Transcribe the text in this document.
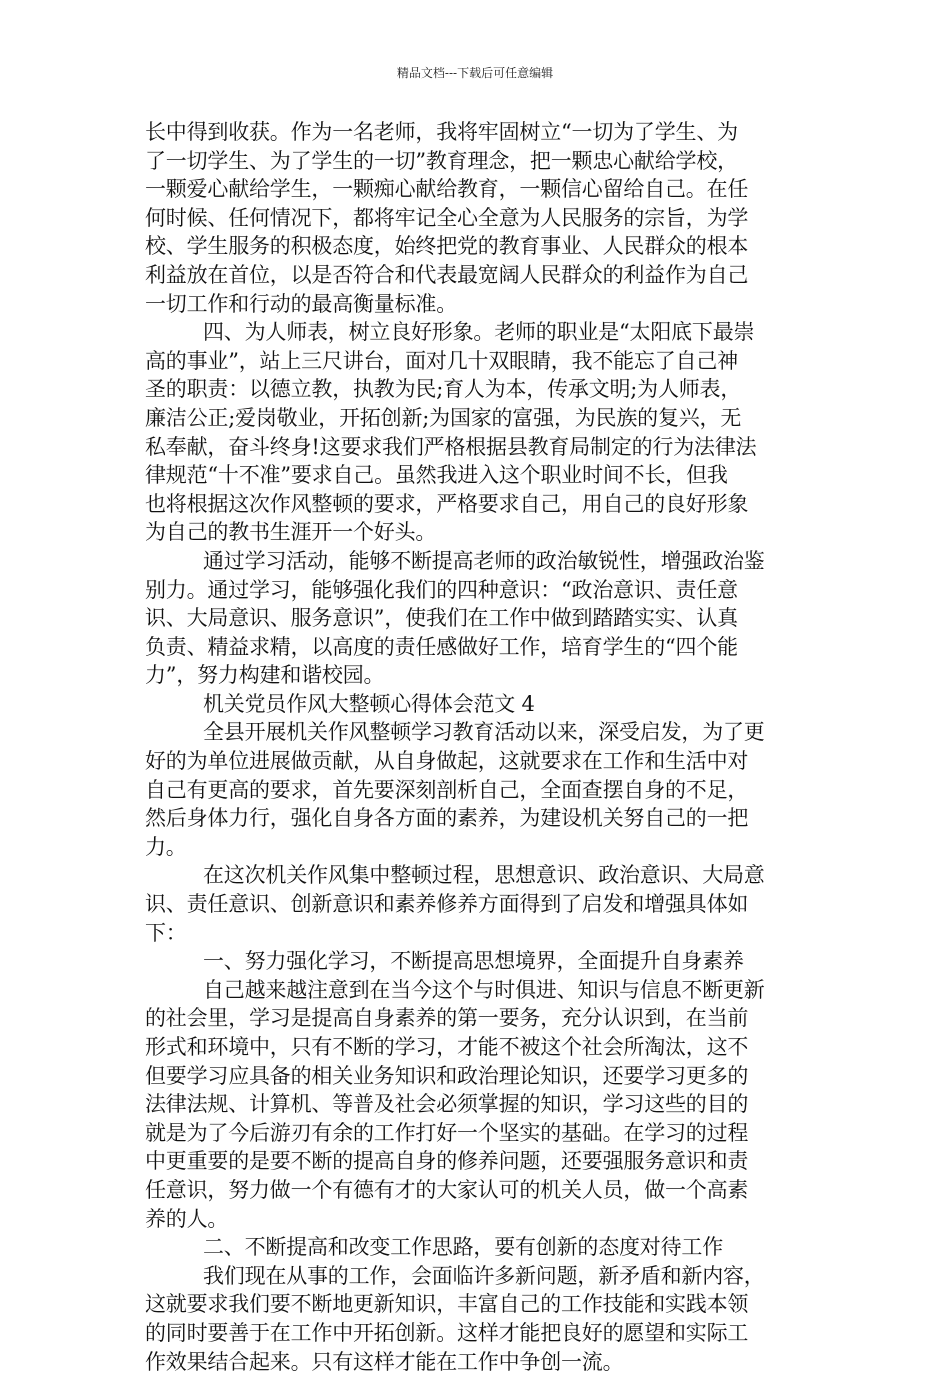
精品文档---下载后可任意编辑
长中得到收获。作为一名老师，我将牢固树立“一切为了学生、为
了一切学生、为了学生的一切”教育理念，把一颗忠心献给学校，
一颗爱心献给学生，一颗痴心献给教育，一颗信心留给自己。在任
何时候、任何情况下，都将牢记全心全意为人民服务的宗旨，为学
校、学生服务的积极态度，始终把党的教育事业、人民群众的根本
利益放在首位，以是否符合和代表最宽阔人民群众的利益作为自己
一切工作和行动的最高衡量标准。
四、为人师表，树立良好形象。老师的职业是“太阳底下最崇
高的事业”，站上三尺讲台，面对几十双眼睛，我不能忘了自己神
圣的职责：以德立教，执教为民;育人为本，传承文明;为人师表，
廉洁公正;爱岗敬业，开拓创新;为国家的富强，为民族的复兴，无
私奉献，奋斗终身!这要求我们严格根据县教育局制定的行为法律法
律规范“十不准”要求自己。虽然我进入这个职业时间不长，但我
也将根据这次作风整顿的要求，严格要求自己，用自己的良好形象
为自己的教书生涯开一个好头。
通过学习活动，能够不断提高老师的政治敏锐性，增强政治鉴
别力。通过学习，能够强化我们的四种意识：“政治意识、责任意
识、大局意识、服务意识”，使我们在工作中做到踏踏实实、认真
负责、精益求精，以高度的责任感做好工作，培育学生的“四个能
力”，努力构建和谐校园。
机关党员作风大整顿心得体会范文 4
全县开展机关作风整顿学习教育活动以来，深受启发，为了更
好的为单位进展做贡献，从自身做起，这就要求在工作和生活中对
自己有更高的要求，首先要深刻剖析自己，全面查摆自身的不足，
然后身体力行，强化自身各方面的素养，为建设机关努自己的一把
力。
在这次机关作风集中整顿过程，思想意识、政治意识、大局意
识、责任意识、创新意识和素养修养方面得到了启发和增强具体如
下：
一、努力强化学习，不断提高思想境界，全面提升自身素养
自己越来越注意到在当今这个与时俱进、知识与信息不断更新
的社会里，学习是提高自身素养的第一要务，充分认识到，在当前
形式和环境中，只有不断的学习，才能不被这个社会所淘汰，这不
但要学习应具备的相关业务知识和政治理论知识，还要学习更多的
法律法规、计算机、等普及社会必须掌握的知识，学习这些的目的
就是为了今后游刃有余的工作打好一个坚实的基础。在学习的过程
中更重要的是要不断的提高自身的修养问题，还要强服务意识和责
任意识，努力做一个有德有才的大家认可的机关人员，做一个高素
养的人。
二、不断提高和改变工作思路，要有创新的态度对待工作
我们现在从事的工作，会面临许多新问题，新矛盾和新内容，
这就要求我们要不断地更新知识，丰富自己的工作技能和实践本领
的同时要善于在工作中开拓创新。这样才能把良好的愿望和实际工
作效果结合起来。只有这样才能在工作中争创一流。
